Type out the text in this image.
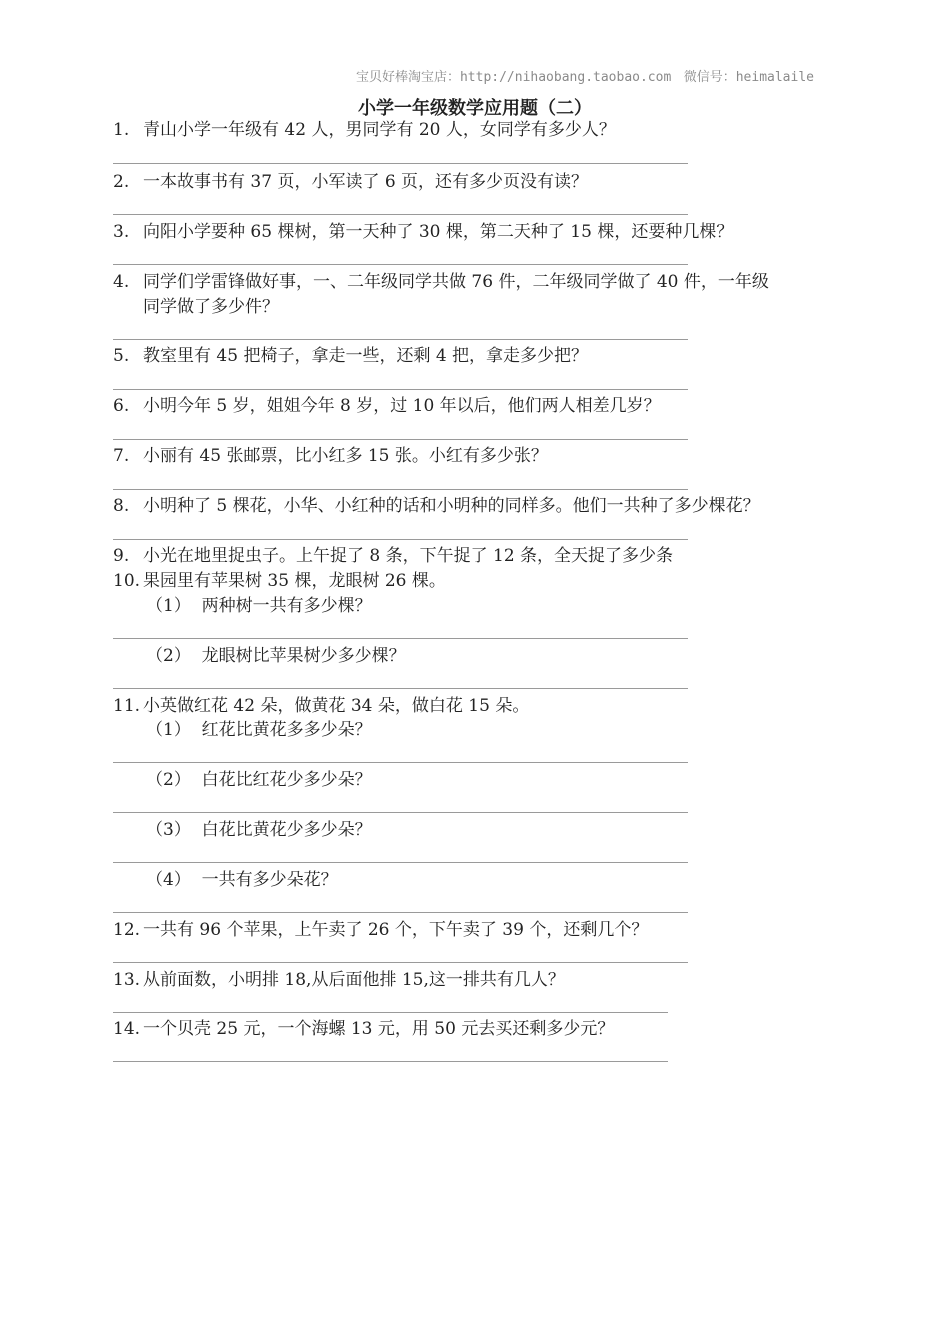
宝贝好棒淘宝店：http://nihaobang.taobao.com 微信号：heimalaile
小学一年级数学应用题（二）
1. 青山小学一年级有 42 人，男同学有 20 人，女同学有多少人？
2. 一本故事书有 37 页，小军读了 6 页，还有多少页没有读？
3. 向阳小学要种 65 棵树，第一天种了 30 棵，第二天种了 15 棵，还要种几棵？
4. 同学们学雷锋做好事，一、二年级同学共做 76 件，二年级同学做了 40 件，一年级
同学做了多少件？
5. 教室里有 45 把椅子，拿走一些，还剩 4 把，拿走多少把？
6. 小明今年 5 岁，姐姐今年 8 岁，过 10 年以后，他们两人相差几岁？
7. 小丽有 45 张邮票，比小红多 15 张。小红有多少张？
8. 小明种了 5 棵花，小华、小红种的话和小明种的同样多。他们一共种了多少棵花？
9. 小光在地里捉虫子。上午捉了 8 条，下午捉了 12 条，全天捉了多少条
10. 果园里有苹果树 35 棵，龙眼树 26 棵。
（1） 两种树一共有多少棵？
（2） 龙眼树比苹果树少多少棵？
11. 小英做红花 42 朵，做黄花 34 朵，做白花 15 朵。
（1） 红花比黄花多多少朵？
（2） 白花比红花少多少朵？
（3） 白花比黄花少多少朵？
（4） 一共有多少朵花？
12. 一共有 96 个苹果，上午卖了 26 个，下午卖了 39 个，还剩几个？
13. 从前面数，小明排 18,从后面他排 15,这一排共有几人？
14. 一个贝壳 25 元，一个海螺 13 元，用 50 元去买还剩多少元？
